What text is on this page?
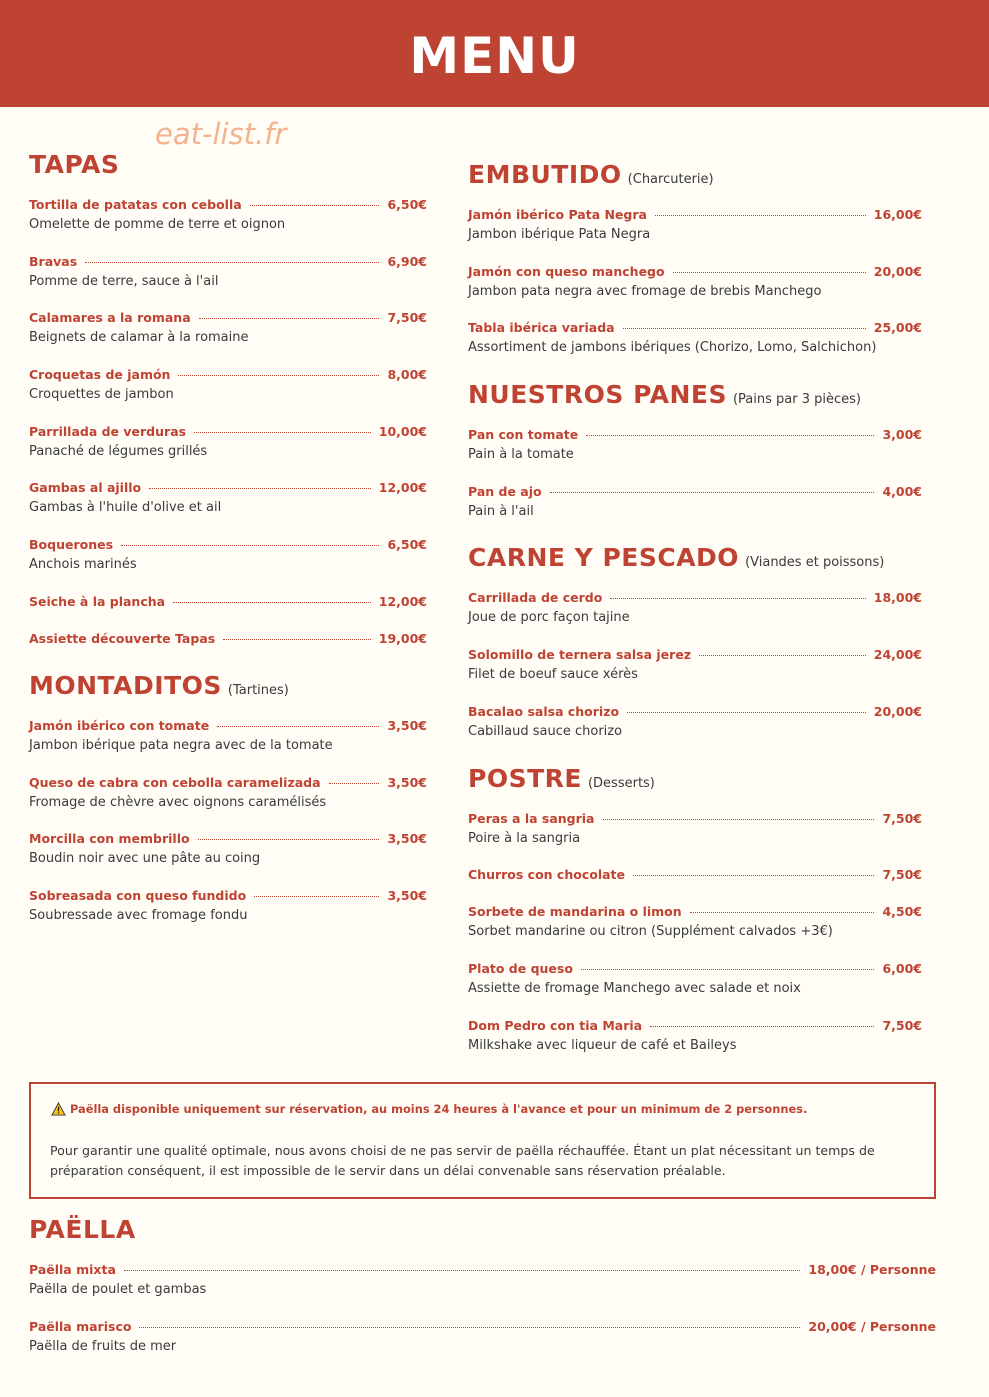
MENU
eat-list.fr
TAPAS
Tortilla de patatas con cebolla	6,50€
Omelette de pomme de terre et oignon
Bravas	6,90€
Pomme de terre, sauce à l'ail
Calamares a la romana	7,50€
Beignets de calamar à la romaine
Croquetas de jamón	8,00€
Croquettes de jambon
Parrillada de verduras	10,00€
Panaché de légumes grillés
Gambas al ajillo	12,00€
Gambas à l'huile d'olive et ail
Boquerones	6,50€
Anchois marinés
Seiche à la plancha	12,00€
Assiette découverte Tapas	19,00€
MONTADITOS (Tartines)
Jamón ibérico con tomate	3,50€
Jambon ibérique pata negra avec de la tomate
Queso de cabra con cebolla caramelizada	3,50€
Fromage de chèvre avec oignons caramélisés
Morcilla con membrillo	3,50€
Boudin noir avec une pâte au coing
Sobreasada con queso fundido	3,50€
Soubressade avec fromage fondu
EMBUTIDO (Charcuterie)
Jamón ibérico Pata Negra	16,00€
Jambon ibérique Pata Negra
Jamón con queso manchego	20,00€
Jambon pata negra avec fromage de brebis Manchego
Tabla ibérica variada	25,00€
Assortiment de jambons ibériques (Chorizo, Lomo, Salchichon)
NUESTROS PANES (Pains par 3 pièces)
Pan con tomate	3,00€
Pain à la tomate
Pan de ajo	4,00€
Pain à l'ail
CARNE Y PESCADO (Viandes et poissons)
Carrillada de cerdo	18,00€
Joue de porc façon tajine
Solomillo de ternera salsa jerez	24,00€
Filet de boeuf sauce xérès
Bacalao salsa chorizo	20,00€
Cabillaud sauce chorizo
POSTRE (Desserts)
Peras a la sangria	7,50€
Poire à la sangria
Churros con chocolate	7,50€
Sorbete de mandarina o limon	4,50€
Sorbet mandarine ou citron (Supplément calvados +3€)
Plato de queso	6,00€
Assiette de fromage Manchego avec salade et noix
Dom Pedro con tia Maria	7,50€
Milkshake avec liqueur de café et Baileys
Paëlla disponible uniquement sur réservation, au moins 24 heures à l'avance et pour un minimum de 2 personnes.
Pour garantir une qualité optimale, nous avons choisi de ne pas servir de paëlla réchauffée. Étant un plat nécessitant un temps de préparation conséquent, il est impossible de le servir dans un délai convenable sans réservation préalable.
PAËLLA
Paëlla mixta	18,00€ / Personne
Paëlla de poulet et gambas
Paëlla marisco	20,00€ / Personne
Paëlla de fruits de mer
